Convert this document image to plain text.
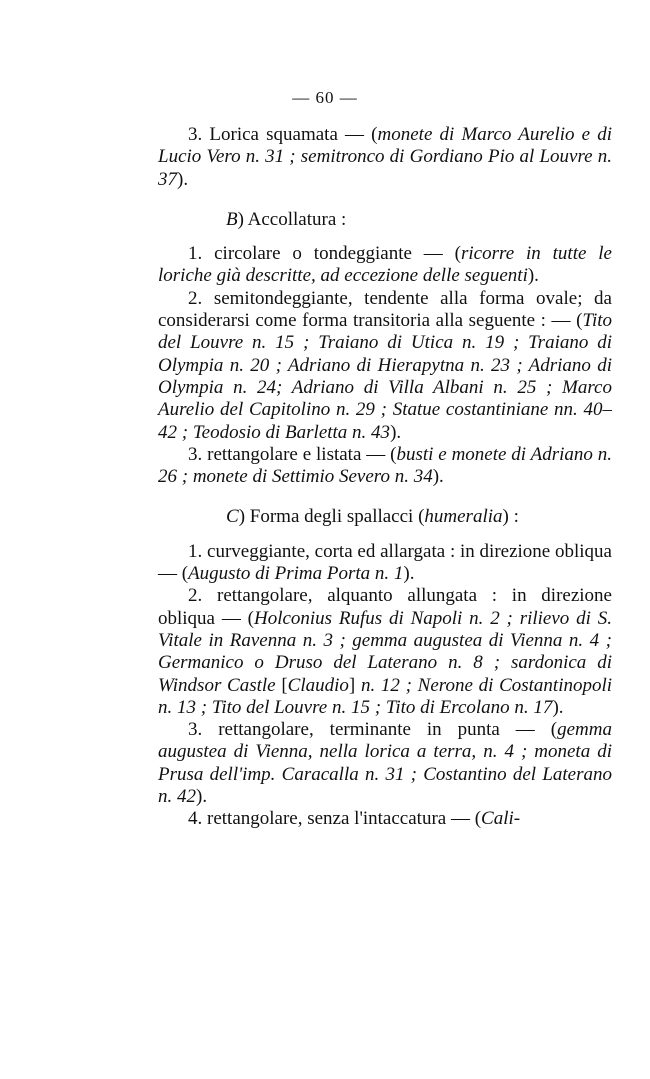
— 60 —

3. Lorica squamata — (monete di Marco Aurelio e di Lucio Vero n. 31 ; semitronco di Gordiano Pio al Louvre n. 37).

B) Accollatura :

1. circolare o tondeggiante — (ricorre in tutte le loriche già descritte, ad eccezione delle seguenti).

2. semitondeggiante, tendente alla forma ovale; da considerarsi come forma transitoria alla seguente : — (Tito del Louvre n. 15 ; Traiano di Utica n. 19 ; Traiano di Olympia n. 20 ; Adriano di Hierapytna n. 23 ; Adriano di Olympia n. 24; Adriano di Villa Albani n. 25 ; Marco Aurelio del Capitolino n. 29 ; Statue costantiniane nn. 40–42 ; Teodosio di Barletta n. 43).

3. rettangolare e listata — (busti e monete di Adriano n. 26 ; monete di Settimio Severo n. 34).

C) Forma degli spallacci (humeralia) :

1. curveggiante, corta ed allargata : in direzione obliqua — (Augusto di Prima Porta n. 1).

2. rettangolare, alquanto allungata : in direzione obliqua — (Holconius Rufus di Napoli n. 2 ; rilievo di S. Vitale in Ravenna n. 3 ; gemma augustea di Vienna n. 4 ; Germanico o Druso del Laterano n. 8 ; sardonica di Windsor Castle [Claudio] n. 12 ; Nerone di Costantinopoli n. 13 ; Tito del Louvre n. 15 ; Tito di Ercolano n. 17).

3. rettangolare, terminante in punta — (gemma augustea di Vienna, nella lorica a terra, n. 4 ; moneta di Prusa dell'imp. Caracalla n. 31 ; Costantino del Laterano n. 42).

4. rettangolare, senza l'intaccatura — (Cali-
